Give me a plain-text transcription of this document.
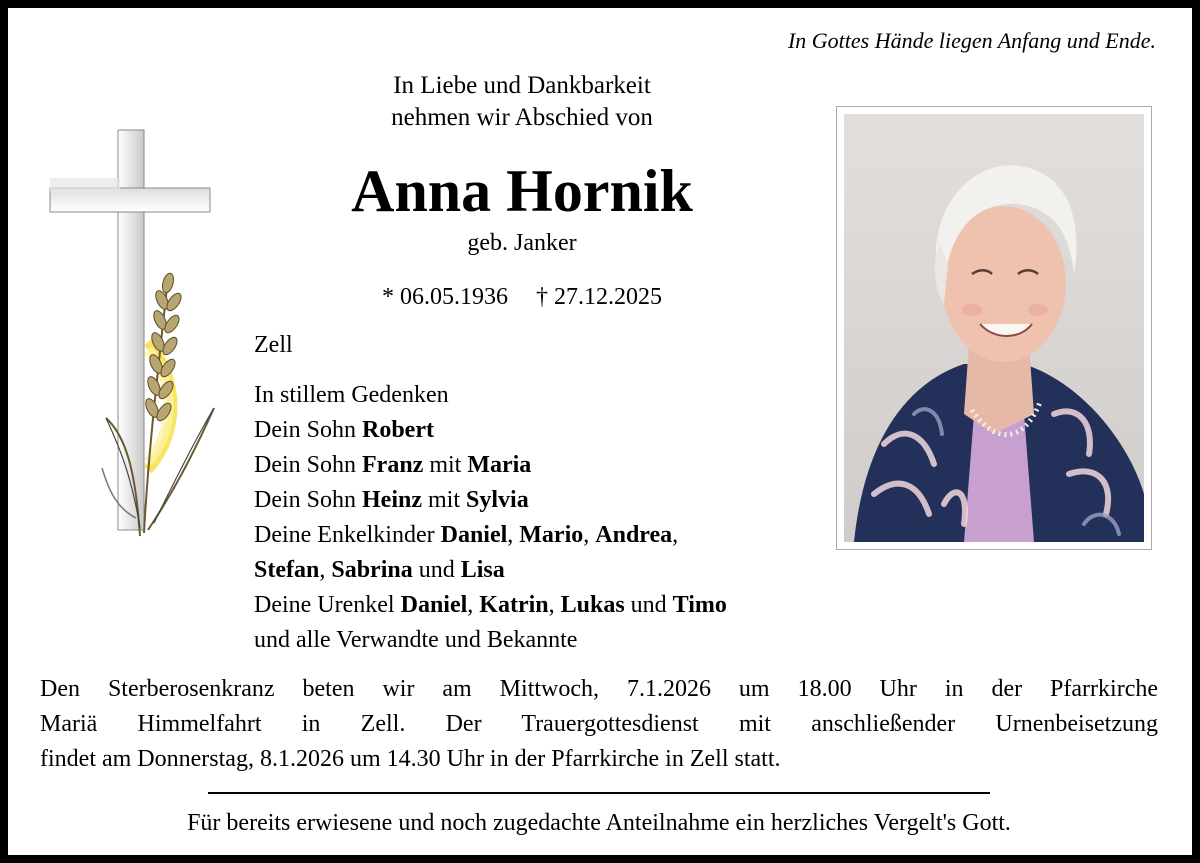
In Gottes Hände liegen Anfang und Ende.
In Liebe und Dankbarkeit
nehmen wir Abschied von
Anna Hornik
geb. Janker
* 06.05.1936 † 27.12.2025
Zell
In stillem Gedenken
Dein Sohn Robert
Dein Sohn Franz mit Maria
Dein Sohn Heinz mit Sylvia
Deine Enkelkinder Daniel, Mario, Andrea,
Stefan, Sabrina und Lisa
Deine Urenkel Daniel, Katrin, Lukas und Timo
und alle Verwandte und Bekannte
Den Sterberosenkranz beten wir am Mittwoch, 7.1.2026 um 18.00 Uhr in der Pfarrkirche
Mariä Himmelfahrt in Zell. Der Trauergottesdienst mit anschließender Urnenbeisetzung
findet am Donnerstag, 8.1.2026 um 14.30 Uhr in der Pfarrkirche in Zell statt.
Für bereits erwiesene und noch zugedachte Anteilnahme ein herzliches Vergelt's Gott.
